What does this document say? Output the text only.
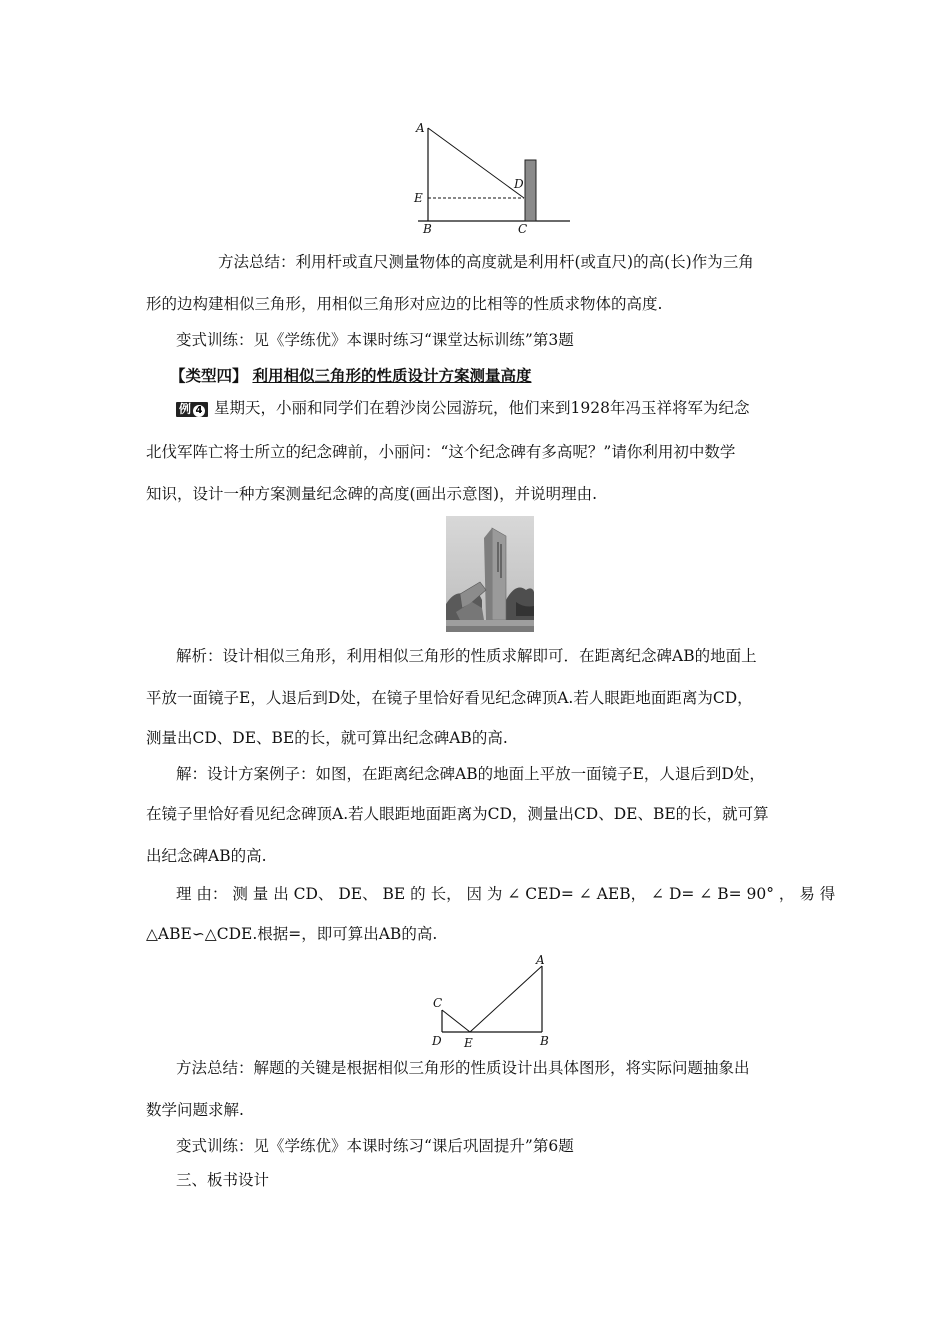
A
E
D
B	C

方法总结：利用杆或直尺测量物体的高度就是利用杆(或直尺)的高(长)作为三角

形的边构建相似三角形，用相似三角形对应边的比相等的性质求物体的高度.

变式训练：见《学练优》本课时练习“课堂达标训练”第3题

【类型四】 利用相似三角形的性质设计方案测量高度

例 4 星期天，小丽和同学们在碧沙岗公园游玩，他们来到1928年冯玉祥将军为纪念

北伐军阵亡将士所立的纪念碑前，小丽问：“这个纪念碑有多高呢？”请你利用初中数学

知识，设计一种方案测量纪念碑的高度(画出示意图)，并说明理由.

解析：设计相似三角形，利用相似三角形的性质求解即可．在距离纪念碑AB的地面上

平放一面镜子E，人退后到D处，在镜子里恰好看见纪念碑顶A.若人眼距地面距离为CD，

测量出CD、DE、BE的长，就可算出纪念碑AB的高.

解：设计方案例子：如图，在距离纪念碑AB的地面上平放一面镜子E，人退后到D处，

在镜子里恰好看见纪念碑顶A.若人眼距地面距离为CD，测量出CD、DE、BE的长，就可算

出纪念碑AB的高.

理 由： 测 量 出 CD、 DE、 BE 的 长， 因 为 ∠ CED= ∠ AEB， ∠ D= ∠ B= 90° ， 易 得

△ABE∽△CDE.根据=，即可算出AB的高.

A
C
D E	B

方法总结：解题的关键是根据相似三角形的性质设计出具体图形，将实际问题抽象出

数学问题求解.

变式训练：见《学练优》本课时练习“课后巩固提升”第6题

三、板书设计
